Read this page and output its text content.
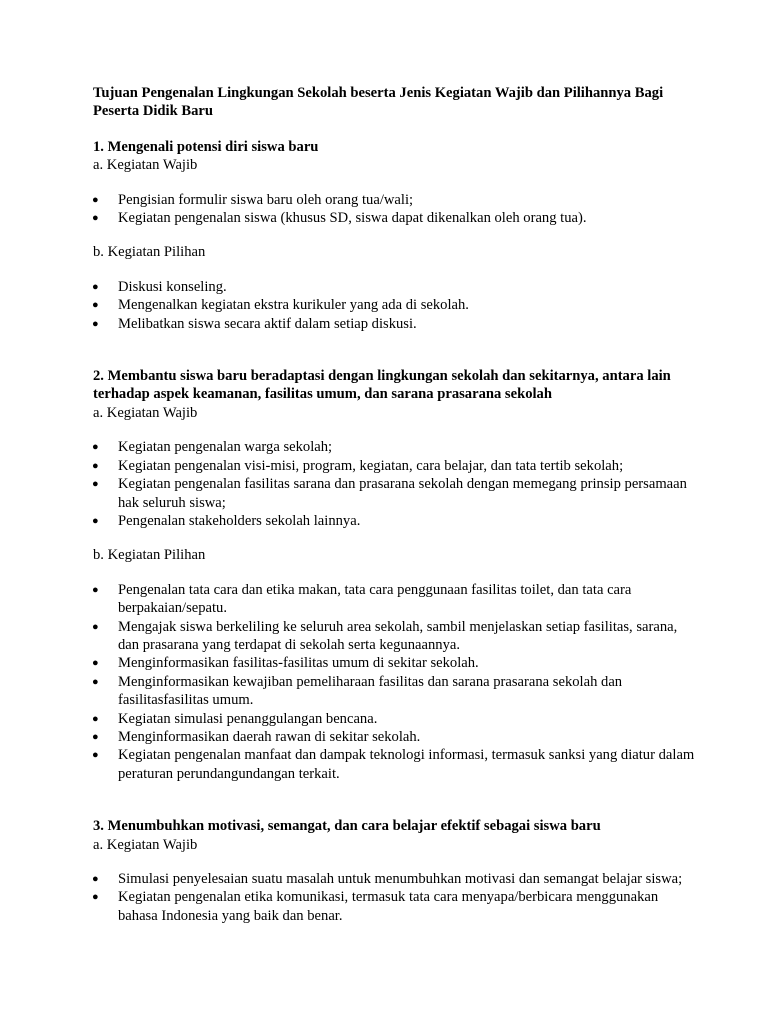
Tujuan Pengenalan Lingkungan Sekolah beserta Jenis Kegiatan Wajib dan Pilihannya Bagi Peserta Didik Baru

1. Mengenali potensi diri siswa baru

a. Kegiatan Wajib

● Pengisian formulir siswa baru oleh orang tua/wali;
● Kegiatan pengenalan siswa (khusus SD, siswa dapat dikenalkan oleh orang tua).

b. Kegiatan Pilihan

● Diskusi konseling.
● Mengenalkan kegiatan ekstra kurikuler yang ada di sekolah.
● Melibatkan siswa secara aktif dalam setiap diskusi.

2. Membantu siswa baru beradaptasi dengan lingkungan sekolah dan sekitarnya, antara lain terhadap aspek keamanan, fasilitas umum, dan sarana prasarana sekolah

a. Kegiatan Wajib

● Kegiatan pengenalan warga sekolah;
● Kegiatan pengenalan visi-misi, program, kegiatan, cara belajar, dan tata tertib sekolah;
● Kegiatan pengenalan fasilitas sarana dan prasarana sekolah dengan memegang prinsip persamaan hak seluruh siswa;
● Pengenalan stakeholders sekolah lainnya.

b. Kegiatan Pilihan

● Pengenalan tata cara dan etika makan, tata cara penggunaan fasilitas toilet, dan tata cara berpakaian/sepatu.
● Mengajak siswa berkeliling ke seluruh area sekolah, sambil menjelaskan setiap fasilitas, sarana, dan prasarana yang terdapat di sekolah serta kegunaannya.
● Menginformasikan fasilitas-fasilitas umum di sekitar sekolah.
● Menginformasikan kewajiban pemeliharaan fasilitas dan sarana prasarana sekolah dan fasilitasfasilitas umum.
● Kegiatan simulasi penanggulangan bencana.
● Menginformasikan daerah rawan di sekitar sekolah.
● Kegiatan pengenalan manfaat dan dampak teknologi informasi, termasuk sanksi yang diatur dalam peraturan perundangundangan terkait.

3. Menumbuhkan motivasi, semangat, dan cara belajar efektif sebagai siswa baru

a. Kegiatan Wajib

● Simulasi penyelesaian suatu masalah untuk menumbuhkan motivasi dan semangat belajar siswa;
● Kegiatan pengenalan etika komunikasi, termasuk tata cara menyapa/berbicara menggunakan bahasa Indonesia yang baik dan benar.
